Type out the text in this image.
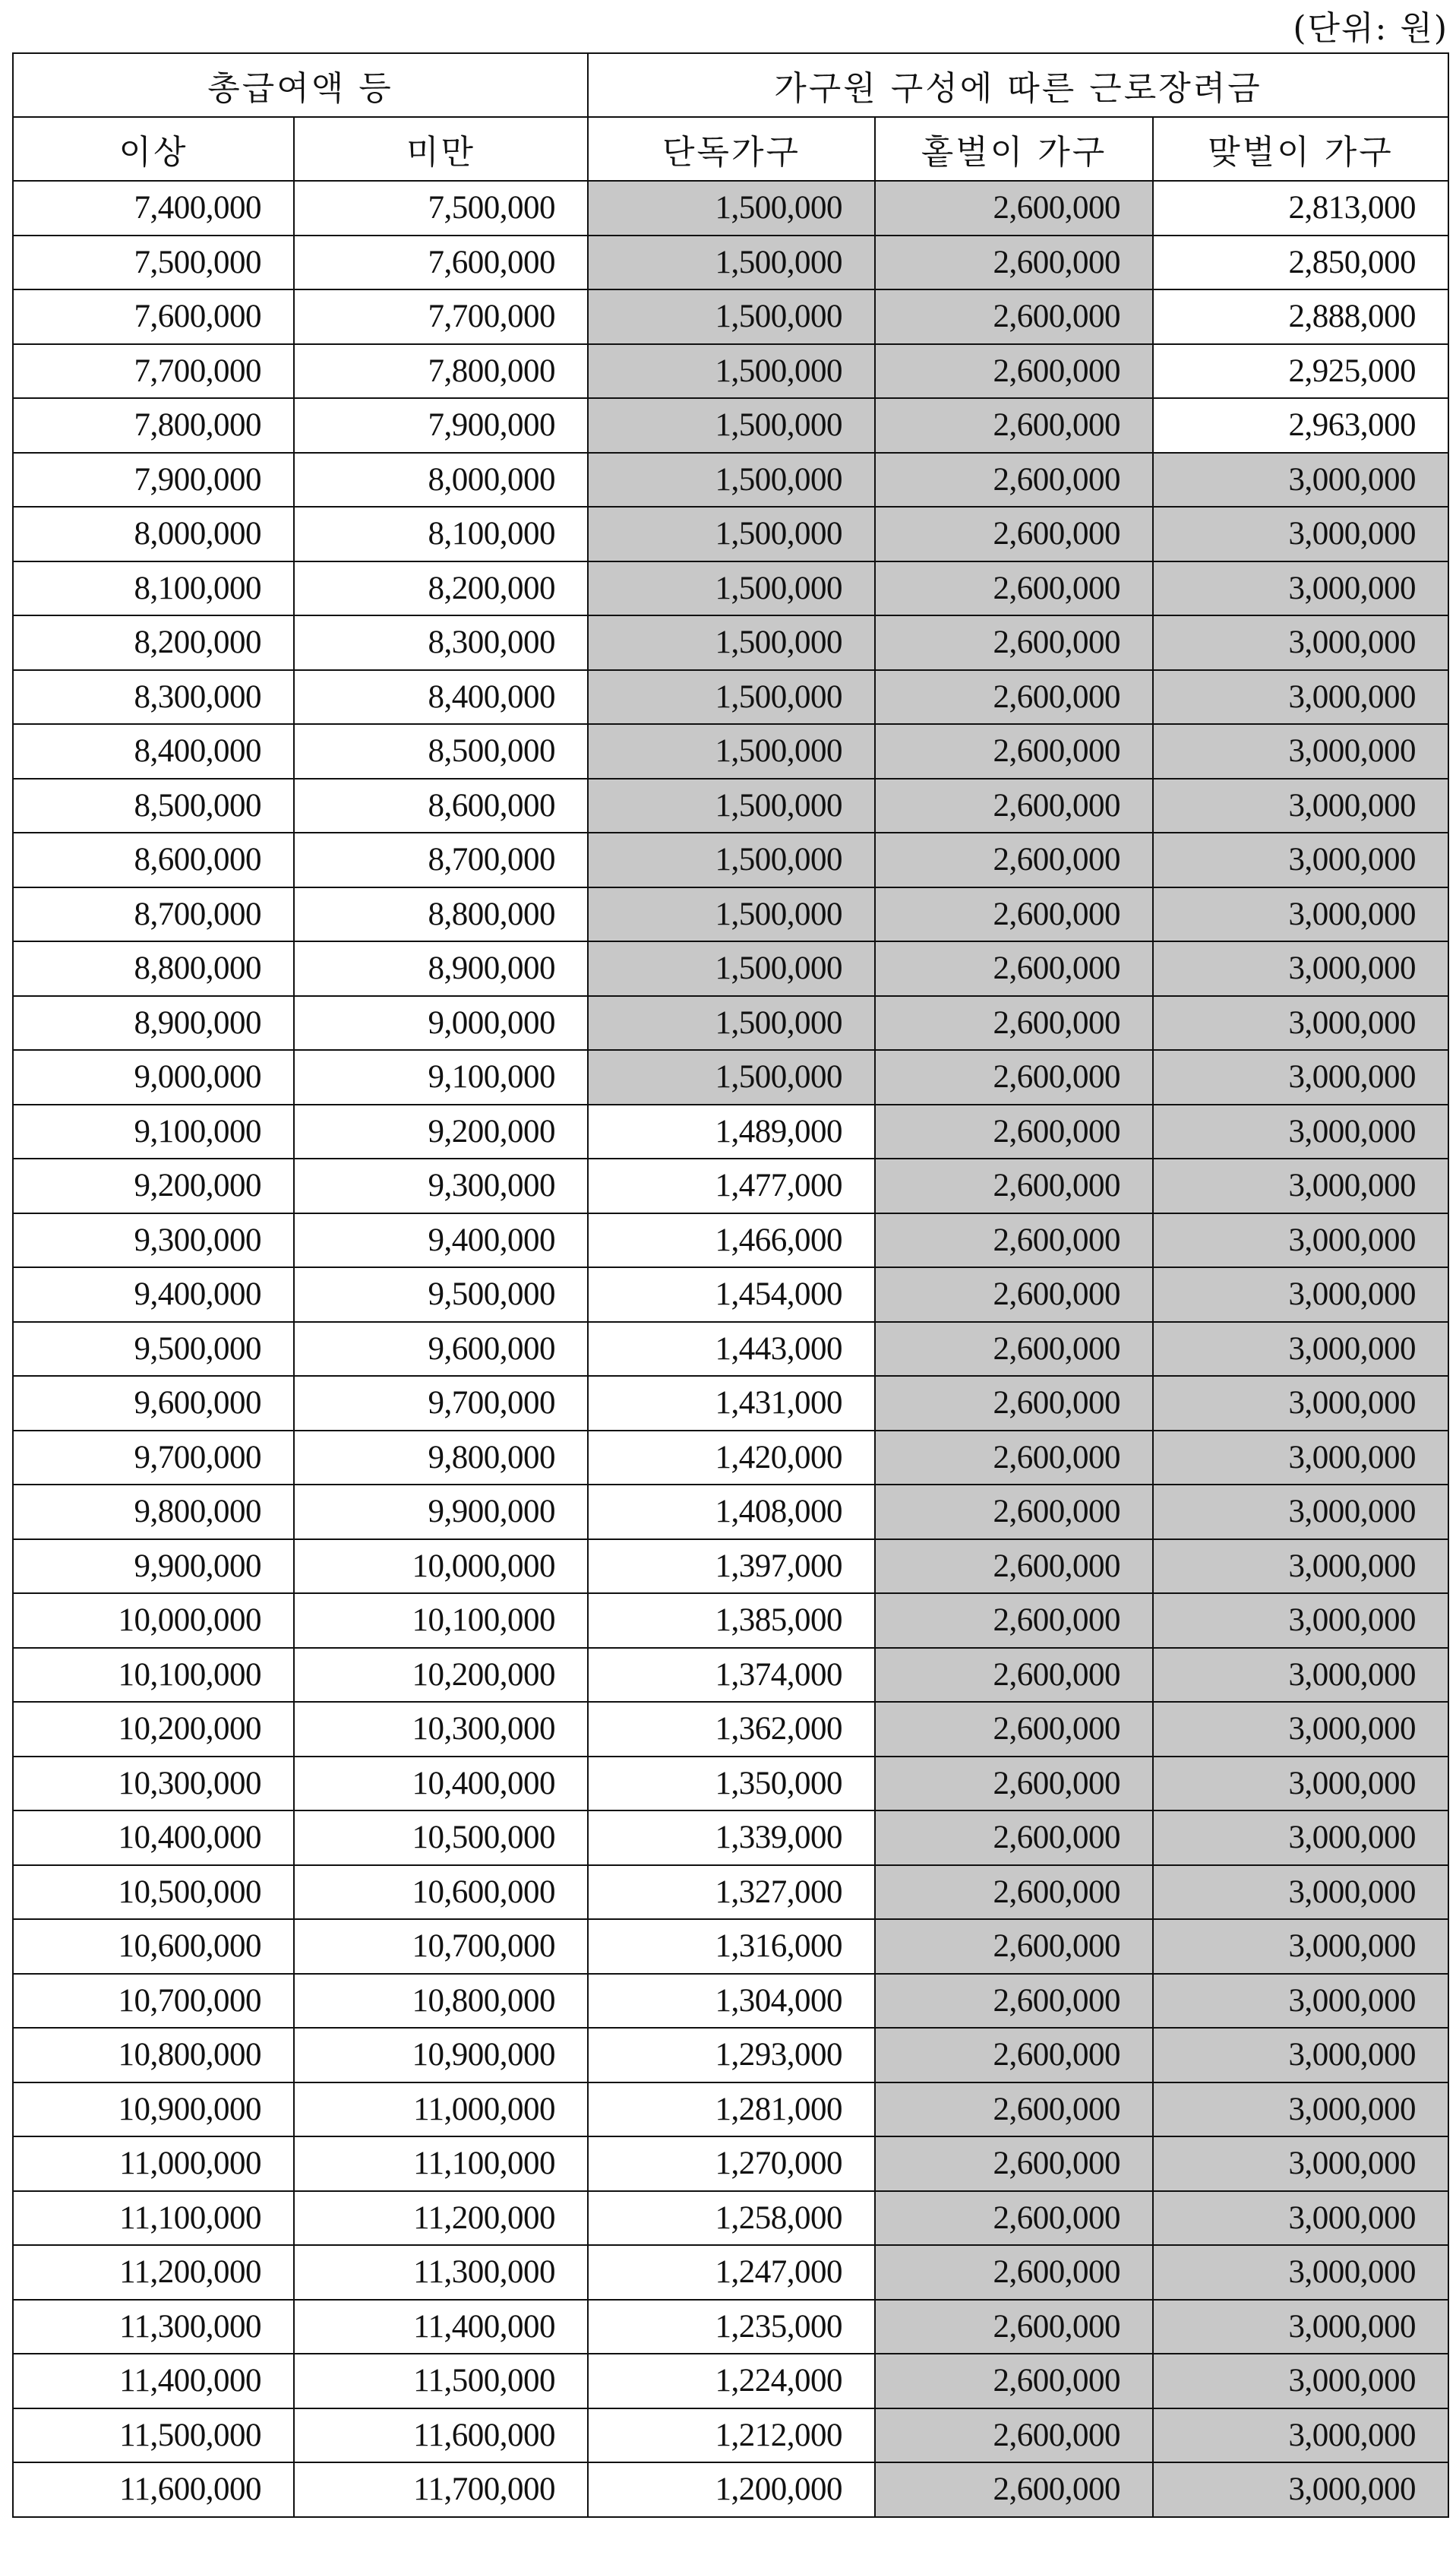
(단위: 원)
총급여액 등		가구원 구성에 따른 근로장려금		
이상	미만	단독가구	홑벌이 가구	맞벌이 가구
7,400,000	7,500,000	1,500,000	2,600,000	2,813,000
7,500,000	7,600,000	1,500,000	2,600,000	2,850,000
7,600,000	7,700,000	1,500,000	2,600,000	2,888,000
7,700,000	7,800,000	1,500,000	2,600,000	2,925,000
7,800,000	7,900,000	1,500,000	2,600,000	2,963,000
7,900,000	8,000,000	1,500,000	2,600,000	3,000,000
8,000,000	8,100,000	1,500,000	2,600,000	3,000,000
8,100,000	8,200,000	1,500,000	2,600,000	3,000,000
8,200,000	8,300,000	1,500,000	2,600,000	3,000,000
8,300,000	8,400,000	1,500,000	2,600,000	3,000,000
8,400,000	8,500,000	1,500,000	2,600,000	3,000,000
8,500,000	8,600,000	1,500,000	2,600,000	3,000,000
8,600,000	8,700,000	1,500,000	2,600,000	3,000,000
8,700,000	8,800,000	1,500,000	2,600,000	3,000,000
8,800,000	8,900,000	1,500,000	2,600,000	3,000,000
8,900,000	9,000,000	1,500,000	2,600,000	3,000,000
9,000,000	9,100,000	1,500,000	2,600,000	3,000,000
9,100,000	9,200,000	1,489,000	2,600,000	3,000,000
9,200,000	9,300,000	1,477,000	2,600,000	3,000,000
9,300,000	9,400,000	1,466,000	2,600,000	3,000,000
9,400,000	9,500,000	1,454,000	2,600,000	3,000,000
9,500,000	9,600,000	1,443,000	2,600,000	3,000,000
9,600,000	9,700,000	1,431,000	2,600,000	3,000,000
9,700,000	9,800,000	1,420,000	2,600,000	3,000,000
9,800,000	9,900,000	1,408,000	2,600,000	3,000,000
9,900,000	10,000,000	1,397,000	2,600,000	3,000,000
10,000,000	10,100,000	1,385,000	2,600,000	3,000,000
10,100,000	10,200,000	1,374,000	2,600,000	3,000,000
10,200,000	10,300,000	1,362,000	2,600,000	3,000,000
10,300,000	10,400,000	1,350,000	2,600,000	3,000,000
10,400,000	10,500,000	1,339,000	2,600,000	3,000,000
10,500,000	10,600,000	1,327,000	2,600,000	3,000,000
10,600,000	10,700,000	1,316,000	2,600,000	3,000,000
10,700,000	10,800,000	1,304,000	2,600,000	3,000,000
10,800,000	10,900,000	1,293,000	2,600,000	3,000,000
10,900,000	11,000,000	1,281,000	2,600,000	3,000,000
11,000,000	11,100,000	1,270,000	2,600,000	3,000,000
11,100,000	11,200,000	1,258,000	2,600,000	3,000,000
11,200,000	11,300,000	1,247,000	2,600,000	3,000,000
11,300,000	11,400,000	1,235,000	2,600,000	3,000,000
11,400,000	11,500,000	1,224,000	2,600,000	3,000,000
11,500,000	11,600,000	1,212,000	2,600,000	3,000,000
11,600,000	11,700,000	1,200,000	2,600,000	3,000,000
